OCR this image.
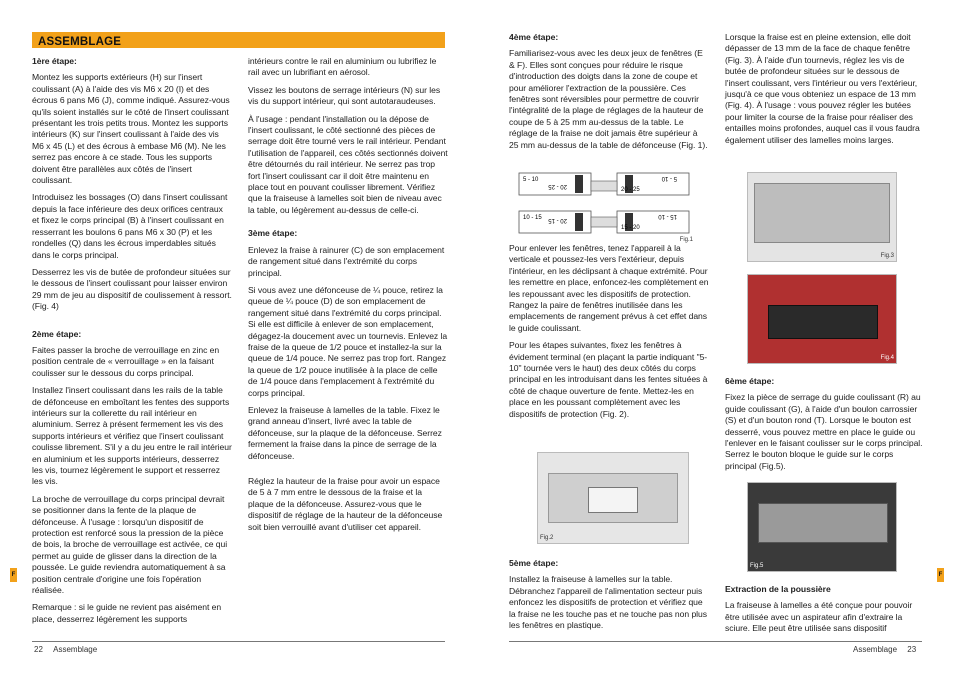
ASSEMBLAGE
1ère étape:

Montez les supports extérieurs (H) sur l'insert coulissant (A) à l'aide des vis M6 x 20 (I) et des écrous 6 pans M6 (J), comme indiqué. Assurez-vous qu'ils soient installés sur le côté de l'insert coulissant présentant les trois petits trous. Montez les supports intérieurs (K) sur l'insert coulissant à l'aide des vis M6 x 45 (L) et des écrous à embase M6 (M). Ne les serrez pas encore à ce stade. Tous les supports doivent être parallèles aux côtés de l'insert coulissant.

Introduisez les bossages (O) dans l'insert coulissant depuis la face inférieure des deux orifices centraux et fixez le corps principal (B) à l'insert coulissant en resserrant les boulons 6 pans M6 x 30 (P) et les rondelles (Q) dans les écrous imperdables situés dans le corps principal.

Desserrez les vis de butée de profondeur situées sur le dessous de l'insert coulissant pour laisser environ 29 mm de jeu au dispositif de coulissement à ressort. (Fig. 4)

2ème étape:

Faites passer la broche de verrouillage en zinc en position centrale de « verrouillage » en la faisant coulisser sur le dessous du corps principal.

Installez l'insert coulissant dans les rails de la table de défonceuse en emboîtant les fentes des supports intérieurs sur la collerette du rail intérieur en aluminium. Serrez à présent fermement les vis des supports intérieurs et vérifiez que l'insert coulissant coulisse librement. S'il y a du jeu entre le rail intérieur en aluminium et les supports intérieurs, desserrez les vis, tournez légèrement le support et resserrez les vis.

La broche de verrouillage du corps principal devrait se positionner dans la fente de la plaque de défonceuse. À l'usage : lorsqu'un dispositif de protection est renforcé sous la pression de la pièce de bois, la broche de verrouillage est activée, ce qui permet au guide de glisser dans la direction de la poussée. Le guide reviendra automatiquement à sa position centrale d'origine une fois l'opération réalisée.

Remarque : si le guide ne revient pas aisément en place, desserrez légèrement les supports

intérieurs contre le rail en aluminium ou lubrifiez le rail avec un lubrifiant en aérosol.

Vissez les boutons de serrage intérieurs (N) sur les vis du support intérieur, qui sont autotaraudeuses.

À l'usage : pendant l'installation ou la dépose de l'insert coulissant, le côté sectionné des pièces de serrage doit être tourné vers le rail intérieur. Pendant l'utilisation de l'appareil, ces côtés sectionnés doivent être détournés du rail intérieur. Ne serrez pas trop fort l'insert coulissant car il doit être maintenu en place tout en pouvant coulisser librement. Vérifiez que la fraiseuse à lamelles soit bien de niveau avec la table, ou légèrement au-dessus de celle-ci.

3ème étape:

Enlevez la fraise à rainurer (C) de son emplacement de rangement situé dans l'extrémité du corps principal.

Si vous avez une défonceuse de ¼ pouce, retirez la queue de ¼ pouce (D) de son emplacement de rangement situé dans l'extrémité du corps principal. Si elle est difficile à enlever de son emplacement, dégagez-la doucement avec un tournevis. Enlevez la fraise de la queue de 1/2 pouce et installez-la sur la queue de 1/4 pouce. Ne serrez pas trop fort. Rangez la queue de 1/2 pouce inutilisée à la place de celle de 1/4 pouce dans l'emplacement à l'extrémité du corps principal.

Enlevez la fraiseuse à lamelles de la table. Fixez le grand anneau d'insert, livré avec la table de défonceuse, sur la plaque de la défonceuse. Serrez fermement la fraise dans la pince de serrage de la défonceuse.

Réglez la hauteur de la fraise pour avoir un espace de 5 à 7 mm entre le dessous de la fraise et la plaque de la défonceuse. Assurez-vous que le dispositif de réglage de la hauteur de la défonceuse soit bien verrouillé avant d'utiliser cet appareil.

22 Assemblage
F
4ème étape:

Familiarisez-vous avec les deux jeux de fenêtres (E & F). Elles sont conçues pour réduire le risque d'introduction des doigts dans la zone de coupe et pour améliorer l'extraction de la poussière. Ces fenêtres sont réversibles pour permettre de couvrir l'intégralité de la plage de réglages de la hauteur de coupe de 5 à 25 mm au-dessus de la table. Le réglage de la fraise ne doit jamais être supérieur à 25 mm au-dessus de la table de défonceuse (Fig. 1).

5 - 10
20 - 25
20 - 25
5 - 10
10 - 15 20 - 15
15 - 20
15 - 10
Fig.1

Pour enlever les fenêtres, tenez l'appareil à la verticale et poussez-les vers l'extérieur, depuis l'intérieur, en les déclipsant à chaque extrémité. Pour les remettre en place, enfoncez-les complètement en les repoussant avec les dispositifs de protection. Rangez la paire de fenêtres inutilisée dans les emplacements de rangement prévus à cet effet dans le guide coulissant.

Pour les étapes suivantes, fixez les fenêtres à évidement terminal (en plaçant la partie indiquant "5-10" tournée vers le haut) des deux côtés du corps principal en les introduisant dans les fentes situées à côté de chaque ouverture de fente. Mettez-les en place en les poussant complètement avec les dispositifs de protection (Fig. 2).

Fig.2
5ème étape:

Installez la fraiseuse à lamelles sur la table. Débranchez l'appareil de l'alimentation secteur puis enfoncez les dispositifs de protection et vérifiez que la fraise ne les touche pas et ne touche pas non plus les fenêtres en plastique.

Lorsque la fraise est en pleine extension, elle doit dépasser de 13 mm de la face de chaque fenêtre (Fig. 3). À l'aide d'un tournevis, réglez les vis de butée de profondeur situées sur le dessous de l'insert coulissant, vers l'intérieur ou vers l'extérieur, jusqu'à ce que vous obteniez un espace de 13 mm (Fig. 4). À l'usage : vous pouvez régler les butées pour limiter la course de la fraise pour réaliser des entailles moins profondes, auquel cas il vous faudra également utiliser des lamelles moins larges.

Fig.3
Fig.4
6ème étape:

Fixez la pièce de serrage du guide coulissant (R) au guide coulissant (G), à l'aide d'un boulon carrossier (S) et d'un bouton rond (T). Lorsque le bouton est desserré, vous pouvez mettre en place le guide ou l'enlever en le faisant coulisser sur le corps principal. Serrez le bouton bloque le guide sur le corps principal (Fig.5).

Fig.5
Extraction de la poussière

La fraiseuse à lamelles a été conçue pour pouvoir être utilisée avec un aspirateur afin d'extraire la sciure. Elle peut être utilisée sans dispositif

Assemblage 23
F
